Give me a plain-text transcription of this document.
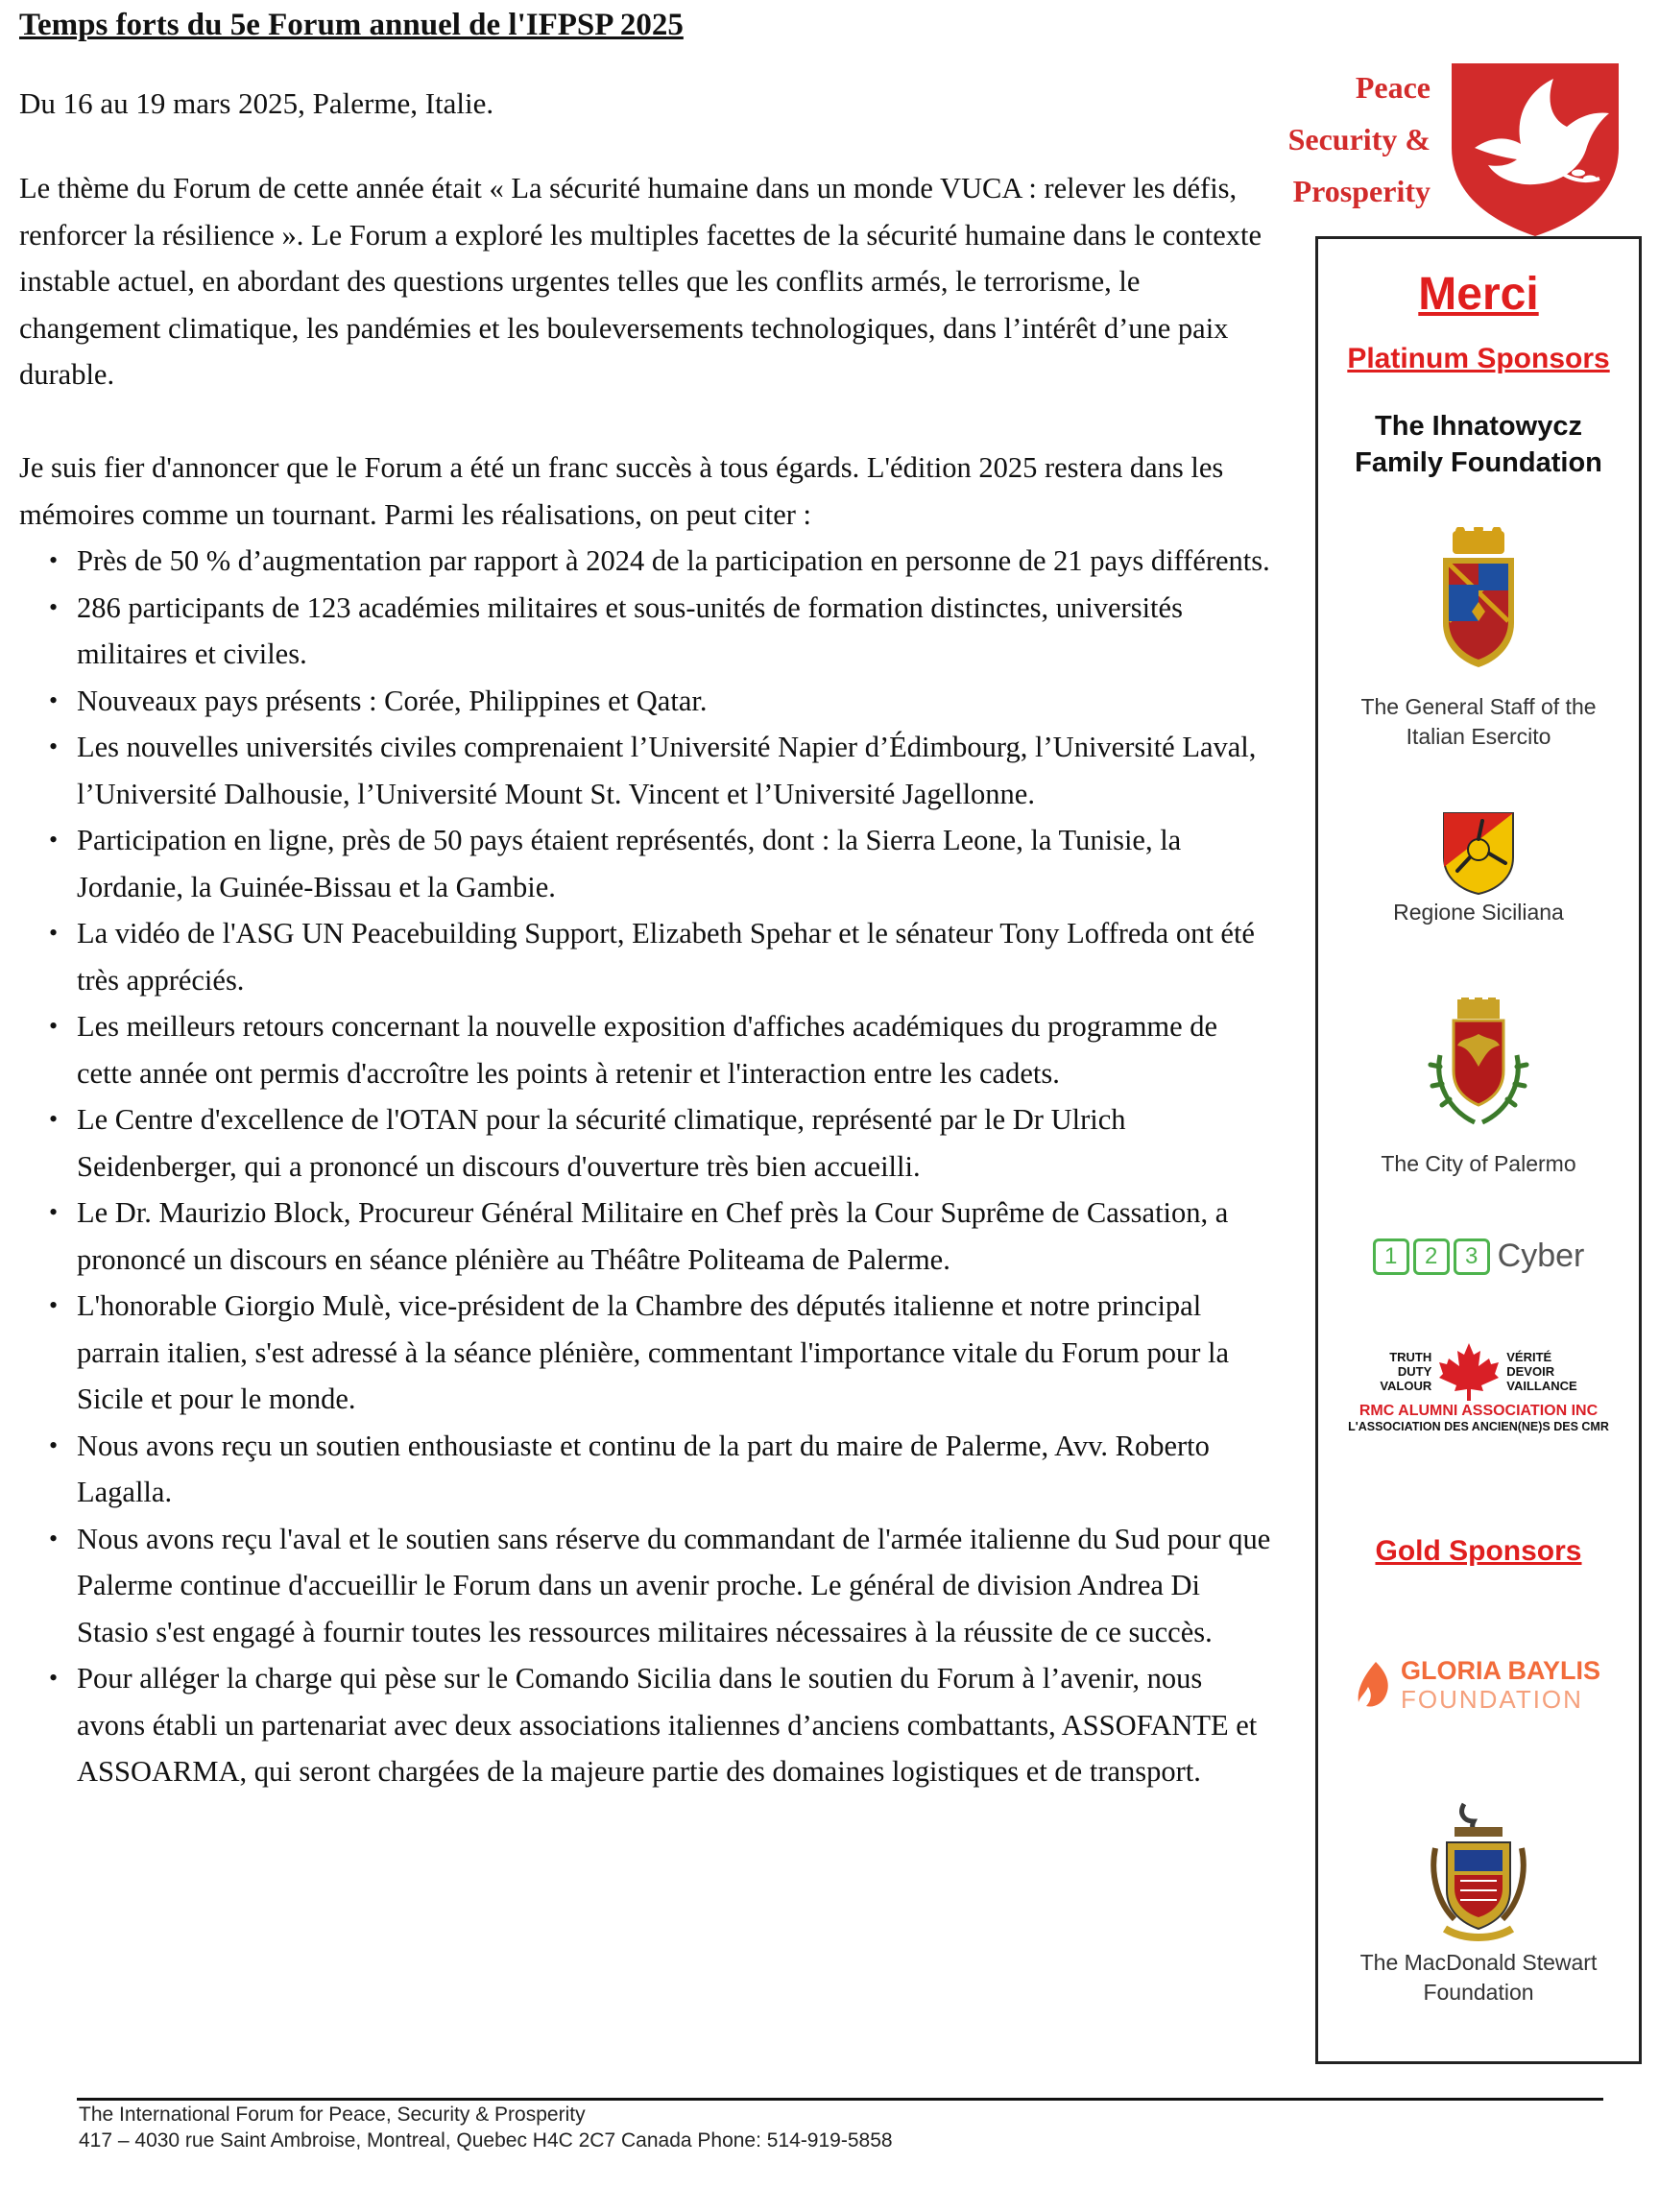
Temps forts du 5e Forum annuel de l'IFPSP 2025
Du 16 au 19 mars 2025, Palerme, Italie.

Le thème du Forum de cette année était « La sécurité humaine dans un monde VUCA : relever les défis, renforcer la résilience ». Le Forum a exploré les multiples facettes de la sécurité humaine dans le contexte instable actuel, en abordant des questions urgentes telles que les conflits armés, le terrorisme, le changement climatique, les pandémies et les bouleversements technologiques, dans l’intérêt d’une paix durable.

Je suis fier d'annoncer que le Forum a été un franc succès à tous égards. L'édition 2025 restera dans les mémoires comme un tournant. Parmi les réalisations, on peut citer :

• Près de 50 % d’augmentation par rapport à 2024 de la participation en personne de 21 pays différents.
• 286 participants de 123 académies militaires et sous-unités de formation distinctes, universités militaires et civiles.
• Nouveaux pays présents : Corée, Philippines et Qatar.
• Les nouvelles universités civiles comprenaient l’Université Napier d’Édimbourg, l’Université Laval, l’Université Dalhousie, l’Université Mount St. Vincent et l’Université Jagellonne.
• Participation en ligne, près de 50 pays étaient représentés, dont : la Sierra Leone, la Tunisie, la Jordanie, la Guinée-Bissau et la Gambie.
• La vidéo de l'ASG UN Peacebuilding Support, Elizabeth Spehar et le sénateur Tony Loffreda ont été très appréciés.
• Les meilleurs retours concernant la nouvelle exposition d'affiches académiques du programme de cette année ont permis d'accroître les points à retenir et l'interaction entre les cadets.
• Le Centre d'excellence de l'OTAN pour la sécurité climatique, représenté par le Dr Ulrich Seidenberger, qui a prononcé un discours d'ouverture très bien accueilli.
• Le Dr. Maurizio Block, Procureur Général Militaire en Chef près la Cour Suprême de Cassation, a prononcé un discours en séance plénière au Théâtre Politeama de Palerme.
• L'honorable Giorgio Mulè, vice-président de la Chambre des députés italienne et notre principal parrain italien, s'est adressé à la séance plénière, commentant l'importance vitale du Forum pour la Sicile et pour le monde.
• Nous avons reçu un soutien enthousiaste et continu de la part du maire de Palerme, Avv. Roberto Lagalla.
• Nous avons reçu l'aval et le soutien sans réserve du commandant de l'armée italienne du Sud pour que Palerme continue d'accueillir le Forum dans un avenir proche. Le général de division Andrea Di Stasio s'est engagé à fournir toutes les ressources militaires nécessaires à la réussite de ce succès.
• Pour alléger la charge qui pèse sur le Comando Sicilia dans le soutien du Forum à l’avenir, nous avons établi un partenariat avec deux associations italiennes d’anciens combattants, ASSOFANTE et ASSOARMA, qui seront chargées de la majeure partie des domaines logistiques et de transport.
Peace
Security &
Prosperity
Merci
Platinum Sponsors
The Ihnatowycz
Family Foundation
The General Staff of the
Italian Esercito
Regione Siciliana
The City of Palermo
1	2	3 Cyber
TRUTH
DUTY
VALOUR
VÉRITÉ
DEVOIR
VAILLANCE
RMC ALUMNI ASSOCIATION INC
L'ASSOCIATION DES ANCIEN(NE)S DES CMR
Gold Sponsors
GLORIA BAYLIS
FOUNDATION
The MacDonald Stewart
Foundation
The International Forum for Peace, Security & Prosperity
417 – 4030 rue Saint Ambroise, Montreal, Quebec H4C 2C7 Canada Phone: 514-919-5858
